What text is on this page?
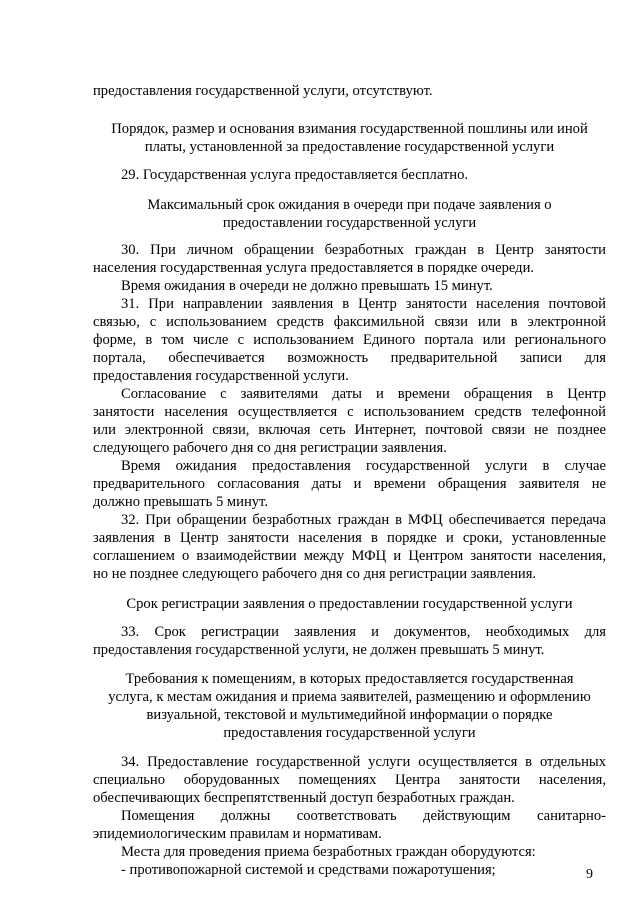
предоставления государственной услуги, отсутствуют.
Порядок, размер и основания взимания государственной пошлины или иной
платы, установленной за предоставление государственной услуги
29. Государственная услуга предоставляется бесплатно.
Максимальный срок ожидания в очереди при подаче заявления о
предоставлении государственной услуги
30. При личном обращении безработных граждан в Центр занятости
населения государственная услуга предоставляется в порядке очереди.
Время ожидания в очереди не должно превышать 15 минут.
31. При направлении заявления в Центр занятости населения почтовой
связью, с использованием средств факсимильной связи или в электронной
форме, в том числе с использованием Единого портала или регионального
портала, обеспечивается возможность предварительной записи для
предоставления государственной услуги.
Согласование с заявителями даты и времени обращения в Центр
занятости населения осуществляется с использованием средств телефонной
или электронной связи, включая сеть Интернет, почтовой связи не позднее
следующего рабочего дня со дня регистрации заявления.
Время ожидания предоставления государственной услуги в случае
предварительного согласования даты и времени обращения заявителя не
должно превышать 5 минут.
32. При обращении безработных граждан в МФЦ обеспечивается передача
заявления в Центр занятости населения в порядке и сроки, установленные
соглашением о взаимодействии между МФЦ и Центром занятости населения,
но не позднее следующего рабочего дня со дня регистрации заявления.
Срок регистрации заявления о предоставлении государственной услуги
33. Срок регистрации заявления и документов, необходимых для
предоставления государственной услуги, не должен превышать 5 минут.
Требования к помещениям, в которых предоставляется государственная
услуга, к местам ожидания и приема заявителей, размещению и оформлению
визуальной, текстовой и мультимедийной информации о порядке
предоставления государственной услуги
34. Предоставление государственной услуги осуществляется в отдельных
специально оборудованных помещениях Центра занятости населения,
обеспечивающих беспрепятственный доступ безработных граждан.
Помещения должны соответствовать действующим санитарно-
эпидемиологическим правилам и нормативам.
Места для проведения приема безработных граждан оборудуются:
- противопожарной системой и средствами пожаротушения;	9
